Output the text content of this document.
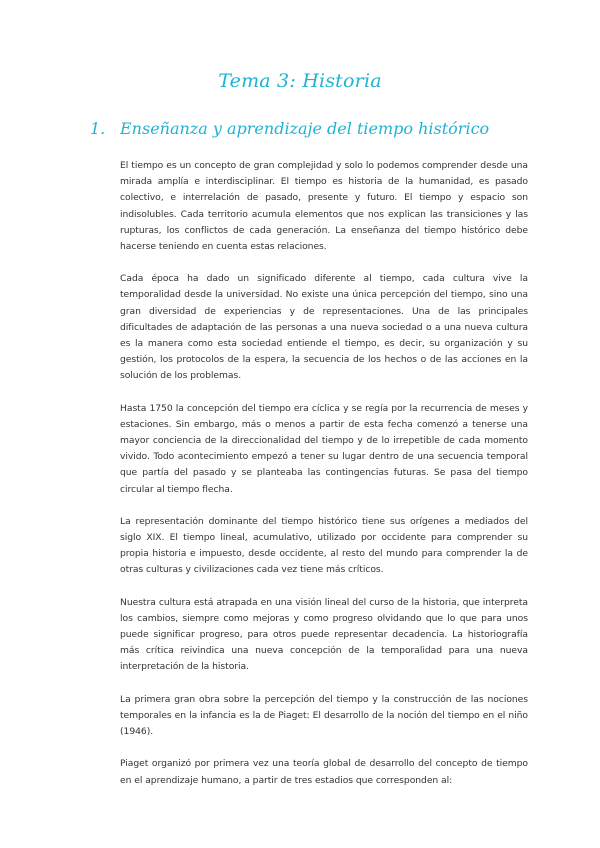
Tema 3: Historia
1. Enseñanza y aprendizaje del tiempo histórico

El tiempo es un concepto de gran complejidad y solo lo podemos comprender desde una mirada amplía e interdisciplinar. El tiempo es historia de la humanidad, es pasado colectivo, e interrelación de pasado, presente y futuro. El tiempo y espacio son indisolubles. Cada territorio acumula elementos que nos explican las transiciones y las rupturas, los conflictos de cada generación. La enseñanza del tiempo histórico debe hacerse teniendo en cuenta estas relaciones.

Cada época ha dado un significado diferente al tiempo, cada cultura vive la temporalidad desde la universidad. No existe una única percepción del tiempo, sino una gran diversidad de experiencias y de representaciones. Una de las principales dificultades de adaptación de las personas a una nueva sociedad o a una nueva cultura es la manera como esta sociedad entiende el tiempo, es decir, su organización y su gestión, los protocolos de la espera, la secuencia de los hechos o de las acciones en la solución de los problemas.

Hasta 1750 la concepción del tiempo era cíclica y se regía por la recurrencia de meses y estaciones. Sin embargo, más o menos a partir de esta fecha comenzó a tenerse una mayor conciencia de la direccionalidad del tiempo y de lo irrepetible de cada momento vivido. Todo acontecimiento empezó a tener su lugar dentro de una secuencia temporal que partía del pasado y se planteaba las contingencias futuras. Se pasa del tiempo circular al tiempo flecha.

La representación dominante del tiempo histórico tiene sus orígenes a mediados del siglo XIX. El tiempo lineal, acumulativo, utilizado por occidente para comprender su propia historia e impuesto, desde occidente, al resto del mundo para comprender la de otras culturas y civilizaciones cada vez tiene más críticos.

Nuestra cultura está atrapada en una visión lineal del curso de la historia, que interpreta los cambios, siempre como mejoras y como progreso olvidando que lo que para unos puede significar progreso, para otros puede representar decadencia. La historiografía más crítica reivindica una nueva concepción de la temporalidad para una nueva interpretación de la historia.

La primera gran obra sobre la percepción del tiempo y la construcción de las nociones temporales en la infancia es la de Piaget: El desarrollo de la noción del tiempo en el niño (1946).

Piaget organizó por primera vez una teoría global de desarrollo del concepto de tiempo en el aprendizaje humano, a partir de tres estadios que corresponden al:
